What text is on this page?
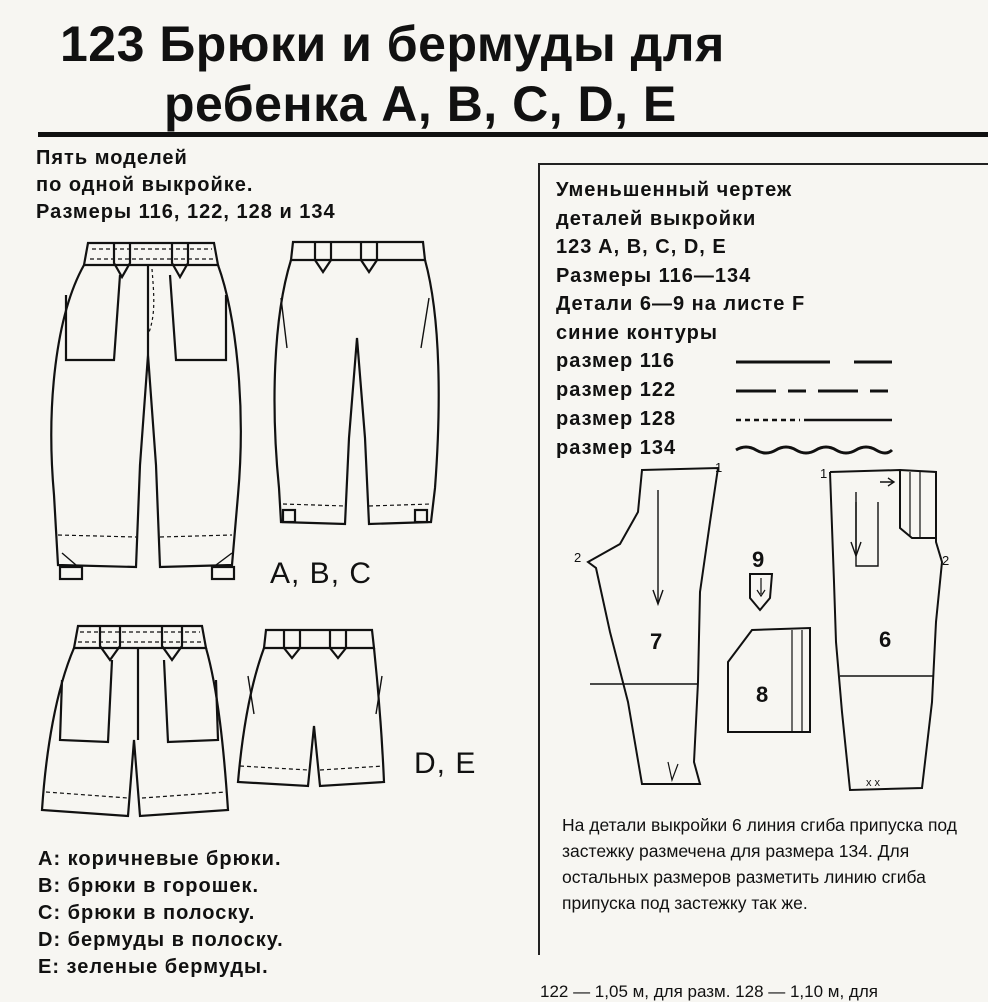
123 Брюки и бермуды для
ребенка A, B, C, D, E
Пять моделей
по одной выкройке.
Размеры 116, 122, 128 и 134
A, B, C
D, E
A: коричневые брюки.
B: брюки в горошек.
C: брюки в полоску.
D: бермуды в полоску.
E: зеленые бермуды.
Уменьшенный чертеж
деталей выкройки
123 A, B, C, D, E
Размеры 116—134
Детали 6—9 на листе F
синие контуры
размер 116
размер 122
размер 128
размер 134
7
9
8
6
1
2
1
2
x x
На детали выкройки 6 линия сгиба припуска под застежку размечена для размера 134. Для остальных размеров разметить линию сгиба припуска под застежку так же.
122 — 1,05 м, для разм. 128 — 1,10 м, для
